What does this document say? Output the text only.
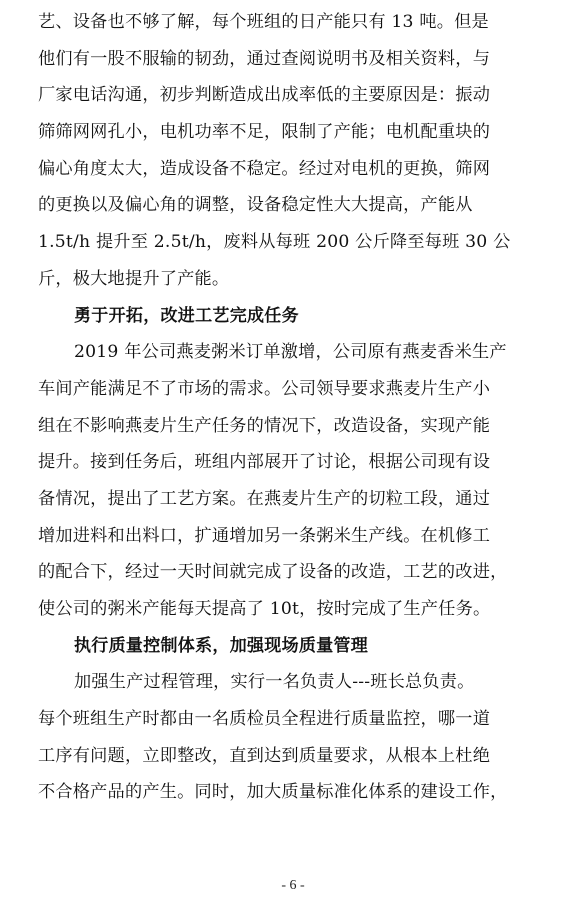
艺、设备也不够了解，每个班组的日产能只有 13 吨。但是
他们有一股不服输的韧劲，通过查阅说明书及相关资料，与
厂家电话沟通，初步判断造成出成率低的主要原因是：振动
筛筛网网孔小，电机功率不足，限制了产能；电机配重块的
偏心角度太大，造成设备不稳定。经过对电机的更换，筛网
的更换以及偏心角的调整，设备稳定性大大提高，产能从
1.5t/h 提升至 2.5t/h，废料从每班 200 公斤降至每班 30 公
斤，极大地提升了产能。
勇于开拓，改进工艺完成任务
2019 年公司燕麦粥米订单激增，公司原有燕麦香米生产
车间产能满足不了市场的需求。公司领导要求燕麦片生产小
组在不影响燕麦片生产任务的情况下，改造设备，实现产能
提升。接到任务后，班组内部展开了讨论，根据公司现有设
备情况，提出了工艺方案。在燕麦片生产的切粒工段，通过
增加进料和出料口，扩通增加另一条粥米生产线。在机修工
的配合下，经过一天时间就完成了设备的改造，工艺的改进，
使公司的粥米产能每天提高了 10t，按时完成了生产任务。
执行质量控制体系，加强现场质量管理
加强生产过程管理，实行一名负责人---班长总负责。
每个班组生产时都由一名质检员全程进行质量监控，哪一道
工序有问题，立即整改，直到达到质量要求，从根本上杜绝
不合格产品的产生。同时，加大质量标准化体系的建设工作，
- 6 -
